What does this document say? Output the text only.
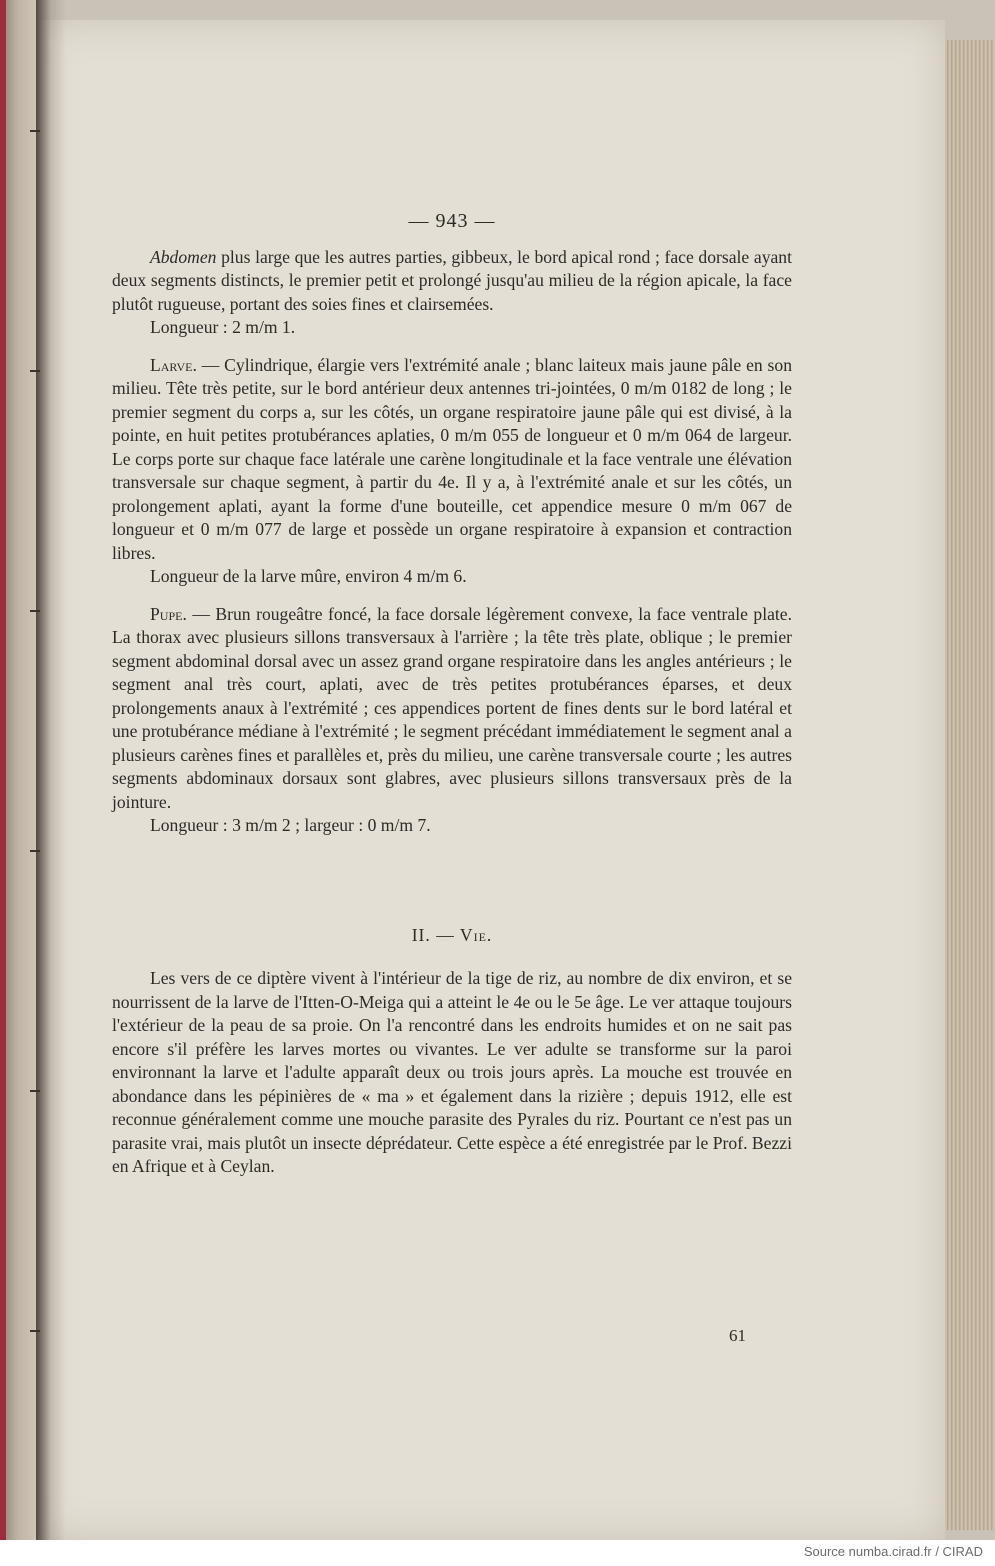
— 943 —

Abdomen plus large que les autres parties, gibbeux, le bord apical rond ; face dorsale ayant deux segments distincts, le premier petit et prolongé jusqu'au milieu de la région apicale, la face plutôt rugueuse, portant des soies fines et clairsemées.

Longueur : 2 m/m 1.

Larve. — Cylindrique, élargie vers l'extrémité anale ; blanc laiteux mais jaune pâle en son milieu. Tête très petite, sur le bord antérieur deux antennes tri-jointées, 0 m/m 0182 de long ; le premier segment du corps a, sur les côtés, un organe respiratoire jaune pâle qui est divisé, à la pointe, en huit petites protubérances aplaties, 0 m/m 055 de longueur et 0 m/m 064 de largeur. Le corps porte sur chaque face latérale une carène longitudinale et la face ventrale une élévation transversale sur chaque segment, à partir du 4e. Il y a, à l'extrémité anale et sur les côtés, un prolongement aplati, ayant la forme d'une bouteille, cet appendice mesure 0 m/m 067 de longueur et 0 m/m 077 de large et possède un organe respiratoire à expansion et contraction libres.

Longueur de la larve mûre, environ 4 m/m 6.

Pupe. — Brun rougeâtre foncé, la face dorsale légèrement convexe, la face ventrale plate. La thorax avec plusieurs sillons transversaux à l'arrière ; la tête très plate, oblique ; le premier segment abdominal dorsal avec un assez grand organe respiratoire dans les angles antérieurs ; le segment anal très court, aplati, avec de très petites protubérances éparses, et deux prolongements anaux à l'extrémité ; ces appendices portent de fines dents sur le bord latéral et une protubérance médiane à l'extrémité ; le segment précédant immédiatement le segment anal a plusieurs carènes fines et parallèles et, près du milieu, une carène transversale courte ; les autres segments abdominaux dorsaux sont glabres, avec plusieurs sillons transversaux près de la jointure.

Longueur : 3 m/m 2 ; largeur : 0 m/m 7.

II. — Vie.

Les vers de ce diptère vivent à l'intérieur de la tige de riz, au nombre de dix environ, et se nourrissent de la larve de l'Itten-O-Meiga qui a atteint le 4e ou le 5e âge. Le ver attaque toujours l'extérieur de la peau de sa proie. On l'a rencontré dans les endroits humides et on ne sait pas encore s'il préfère les larves mortes ou vivantes. Le ver adulte se transforme sur la paroi environnant la larve et l'adulte apparaît deux ou trois jours après. La mouche est trouvée en abondance dans les pépinières de « ma » et également dans la rizière ; depuis 1912, elle est reconnue généralement comme une mouche parasite des Pyrales du riz. Pourtant ce n'est pas un parasite vrai, mais plutôt un insecte déprédateur. Cette espèce a été enregistrée par le Prof. Bezzi en Afrique et à Ceylan.

61
Source numba.cirad.fr / CIRAD
